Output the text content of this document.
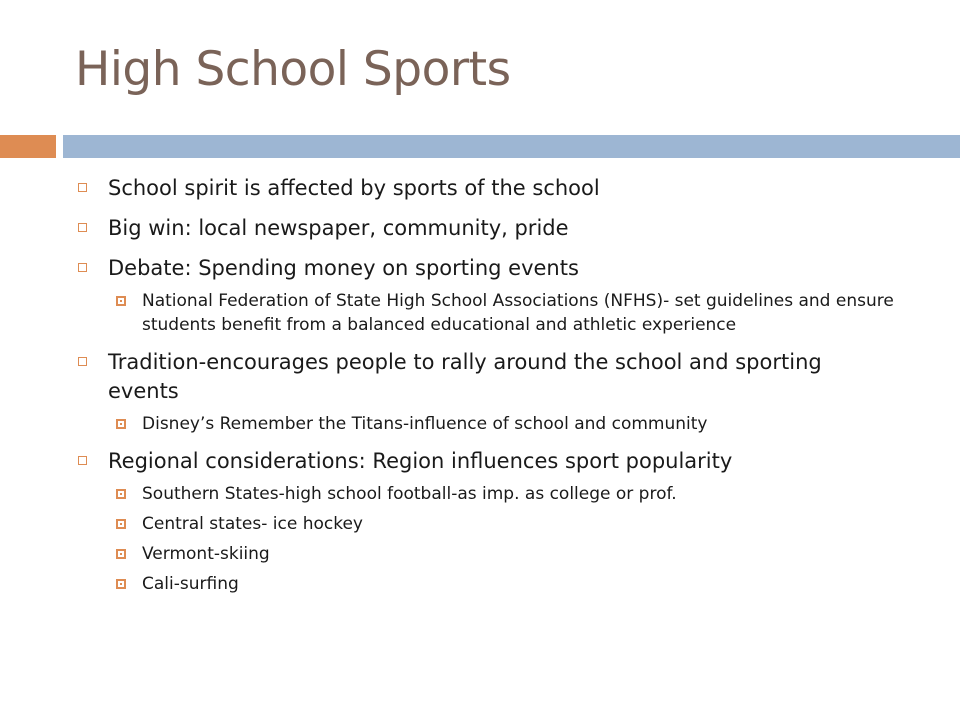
High School Sports
School spirit is affected by sports of the school
Big win: local newspaper, community, pride
Debate: Spending money on sporting events
National Federation of State High School Associations (NFHS)- set guidelines and ensure students benefit from a balanced educational and athletic experience
Tradition-encourages people to rally around the school and sporting events
Disney’s Remember the Titans-influence of school and community
Regional considerations: Region influences sport popularity
Southern States-high school football-as imp. as college or prof.
Central states- ice hockey
Vermont-skiing
Cali-surfing
